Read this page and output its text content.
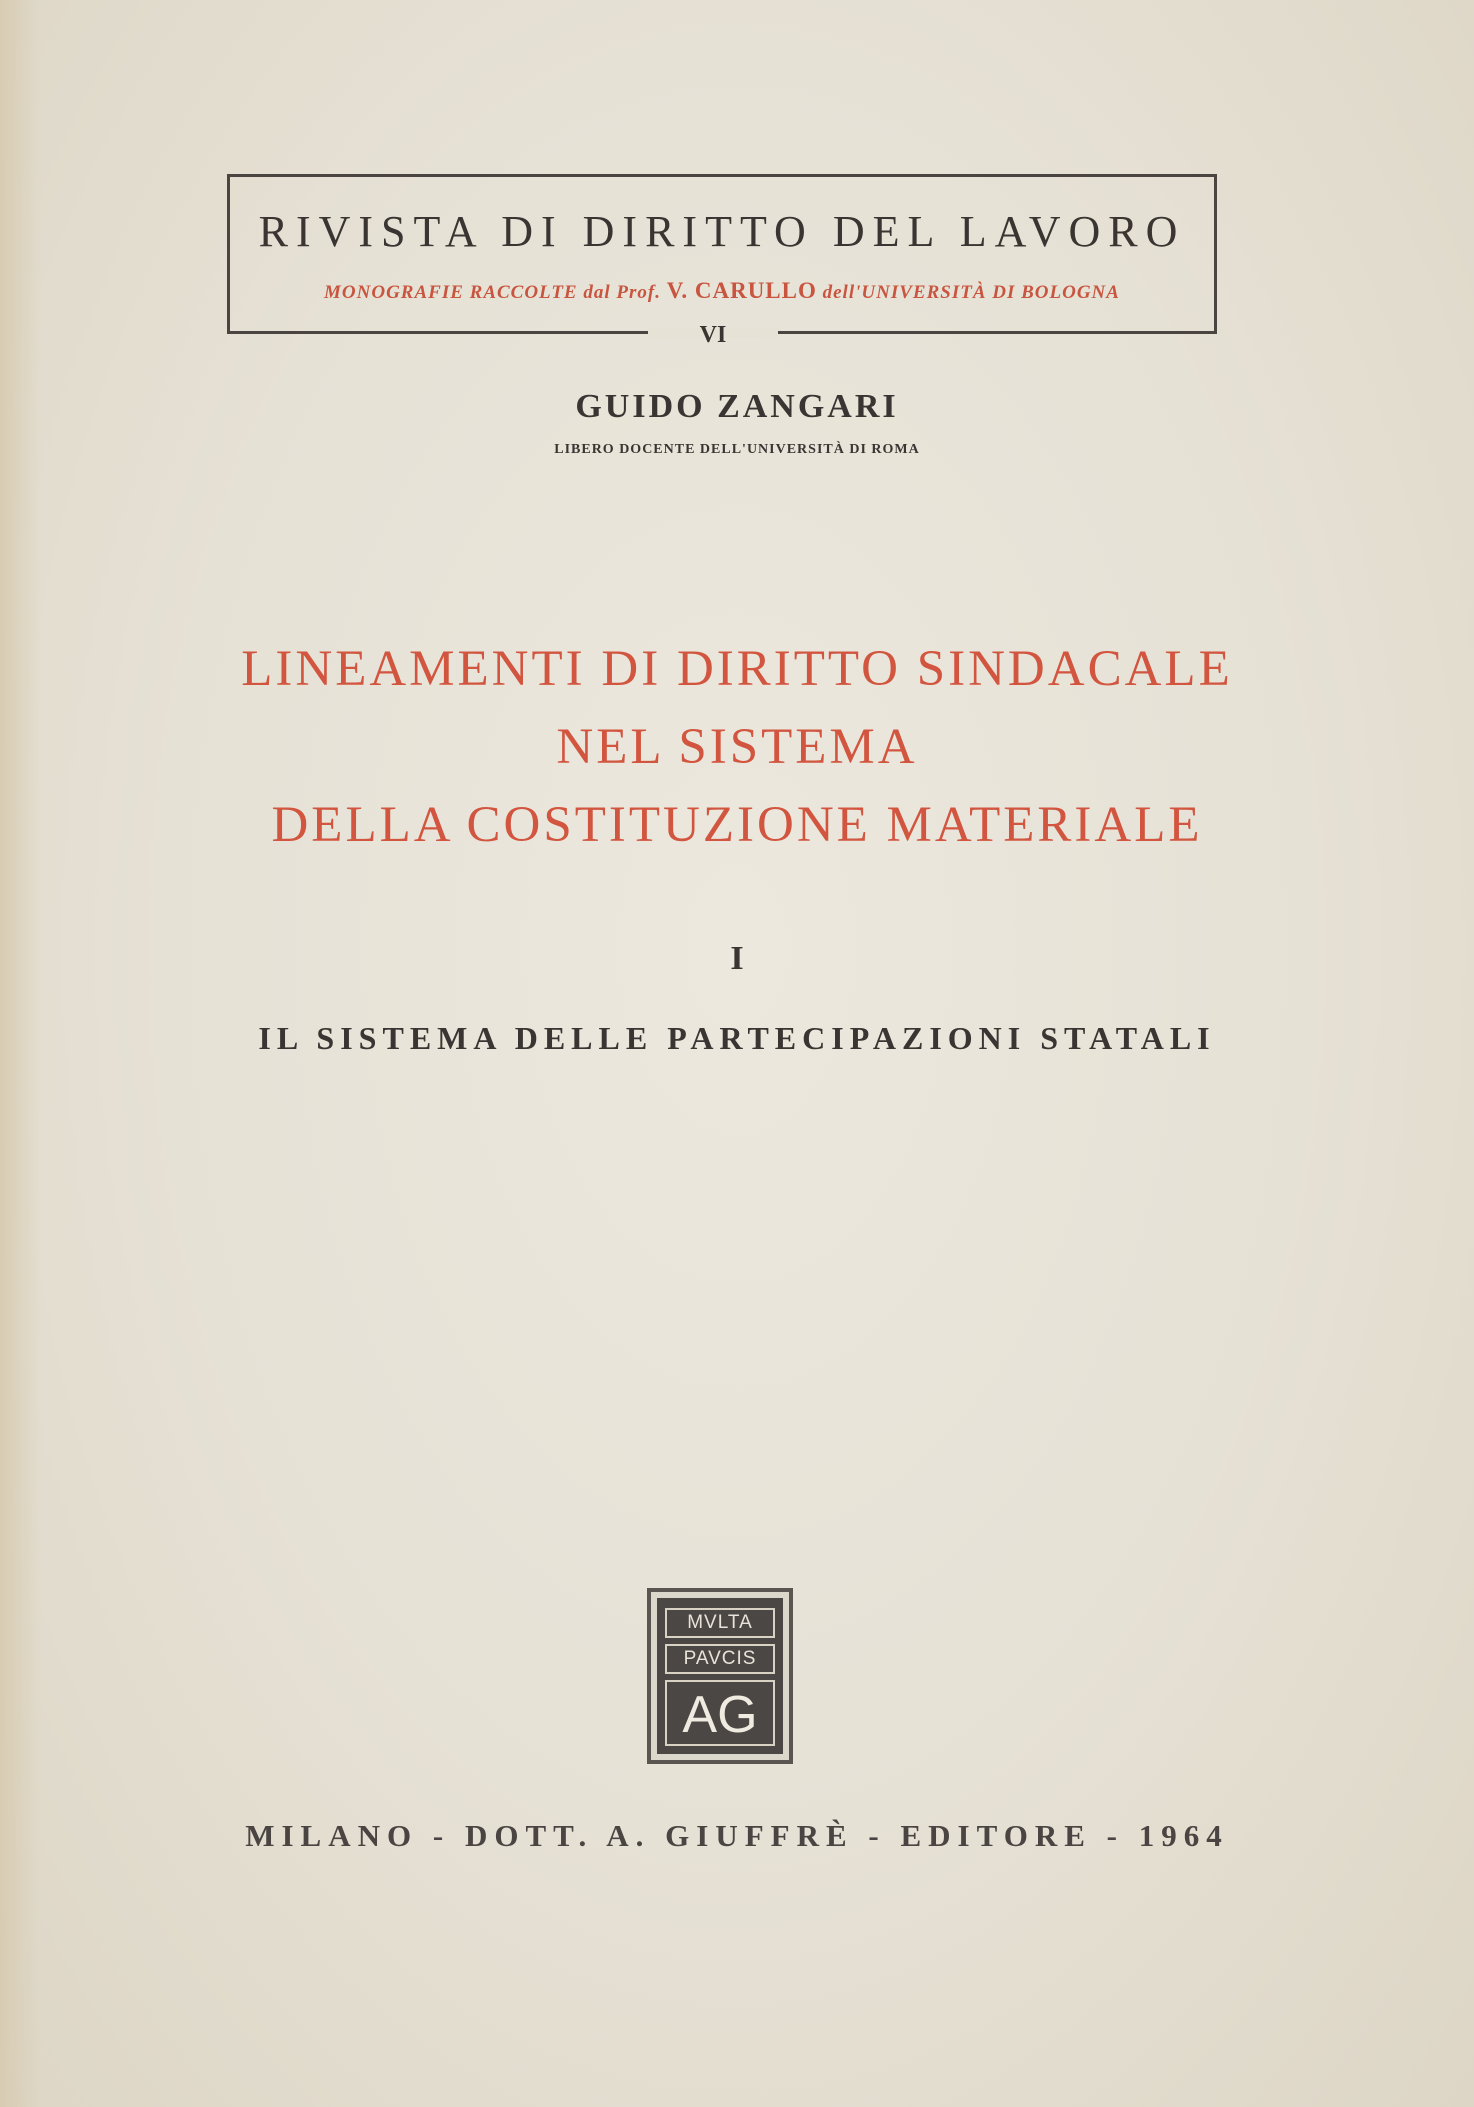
RIVISTA DI DIRITTO DEL LAVORO
MONOGRAFIE RACCOLTE dal Prof. V. CARULLO dell'UNIVERSITÀ DI BOLOGNA
VI
GUIDO ZANGARI
LIBERO DOCENTE DELL'UNIVERSITÀ DI ROMA
LINEAMENTI DI DIRITTO SINDACALE
NEL SISTEMA
DELLA COSTITUZIONE MATERIALE
I
IL SISTEMA DELLE PARTECIPAZIONI STATALI
MVLTA
PAVCIS
AG
MILANO - DOTT. A. GIUFFRÈ - EDITORE - 1964
